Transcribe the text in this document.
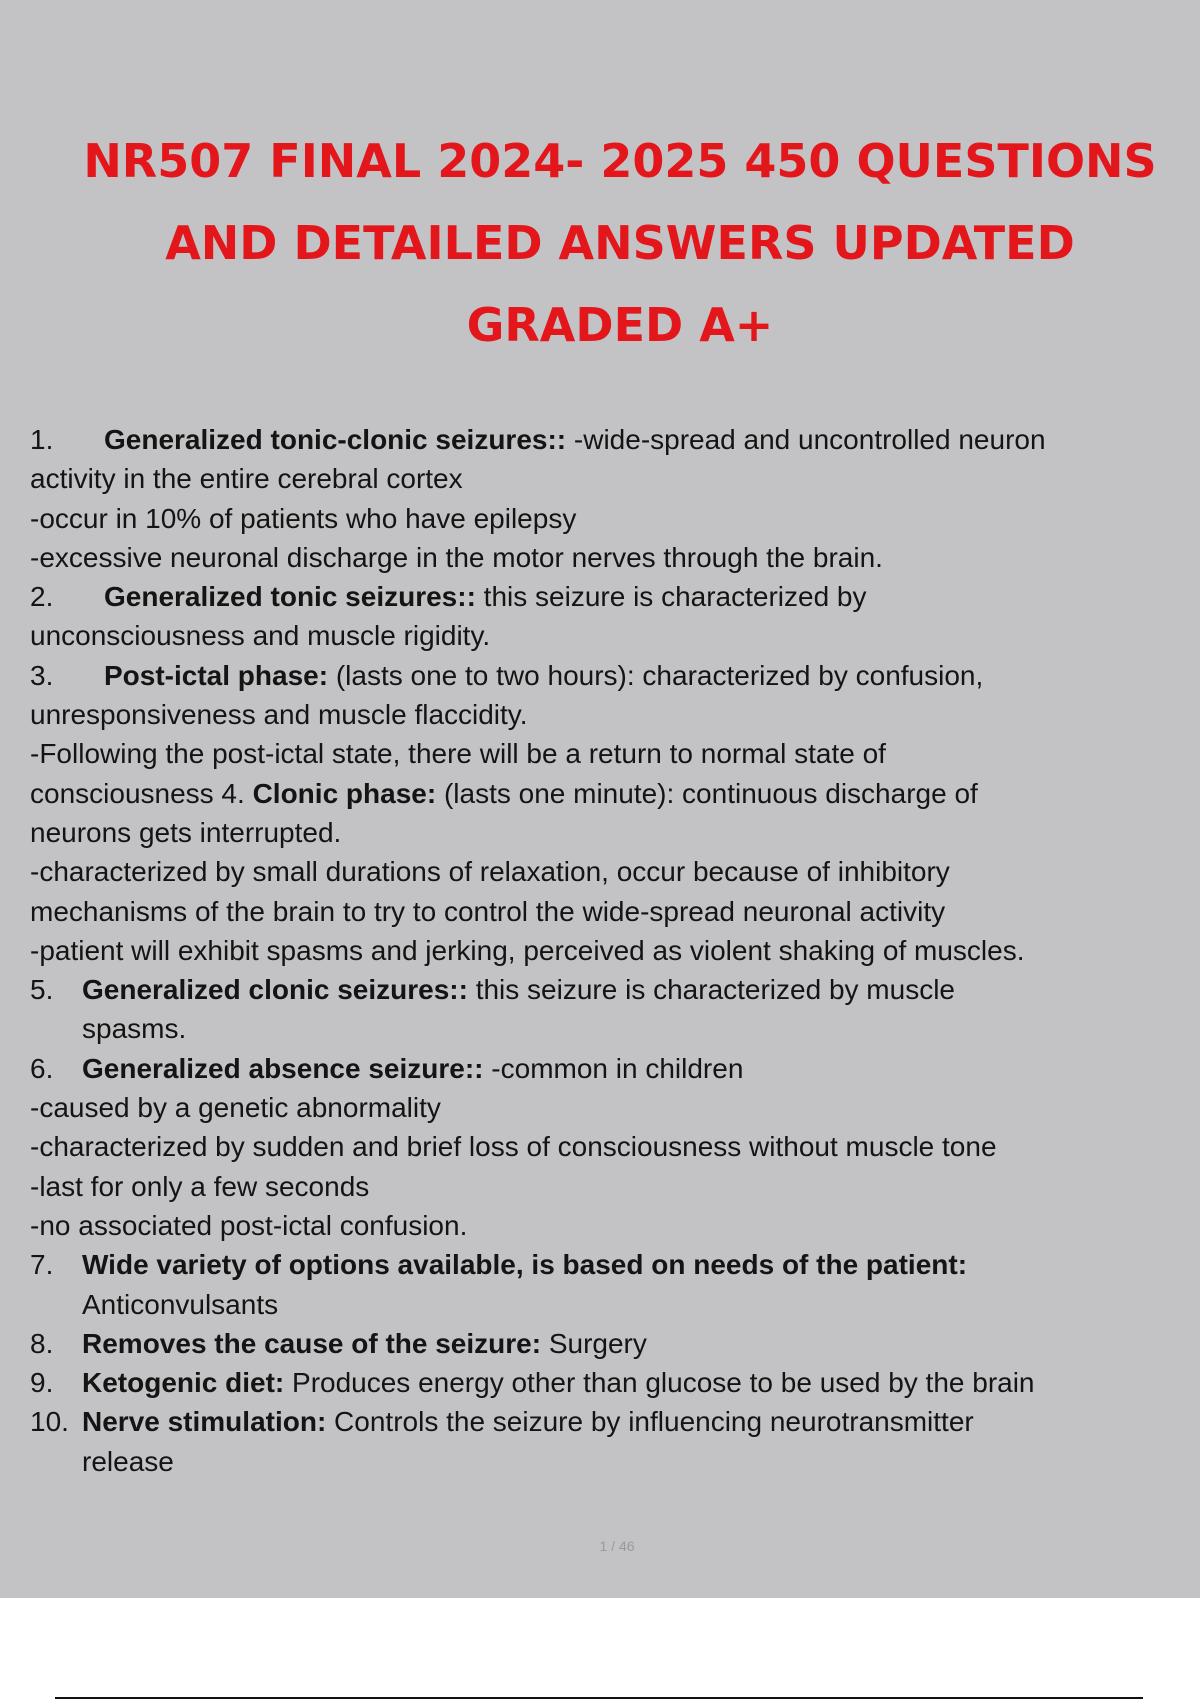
NR507 FINAL 2024- 2025 450 QUESTIONS
AND DETAILED ANSWERS UPDATED
GRADED A+

1. Generalized tonic-clonic seizures:: -wide-spread and uncontrolled neuron

activity in the entire cerebral cortex

-occur in 10% of patients who have epilepsy

-excessive neuronal discharge in the motor nerves through the brain.

2. Generalized tonic seizures:: this seizure is characterized by

unconsciousness and muscle rigidity.

3. Post-ictal phase: (lasts one to two hours): characterized by confusion,

unresponsiveness and muscle flaccidity.

-Following the post-ictal state, there will be a return to normal state of

consciousness 4. Clonic phase: (lasts one minute): continuous discharge of

neurons gets interrupted.

-characterized by small durations of relaxation, occur because of inhibitory

mechanisms of the brain to try to control the wide-spread neuronal activity

-patient will exhibit spasms and jerking, perceived as violent shaking of muscles.

5. Generalized clonic seizures:: this seizure is characterized by muscle

spasms.

6. Generalized absence seizure:: -common in children

-caused by a genetic abnormality

-characterized by sudden and brief loss of consciousness without muscle tone

-last for only a few seconds

-no associated post-ictal confusion.

7. Wide variety of options available, is based on needs of the patient:

Anticonvulsants

8. Removes the cause of the seizure: Surgery

9. Ketogenic diet: Produces energy other than glucose to be used by the brain

10. Nerve stimulation: Controls the seizure by influencing neurotransmitter

release

1 / 46
